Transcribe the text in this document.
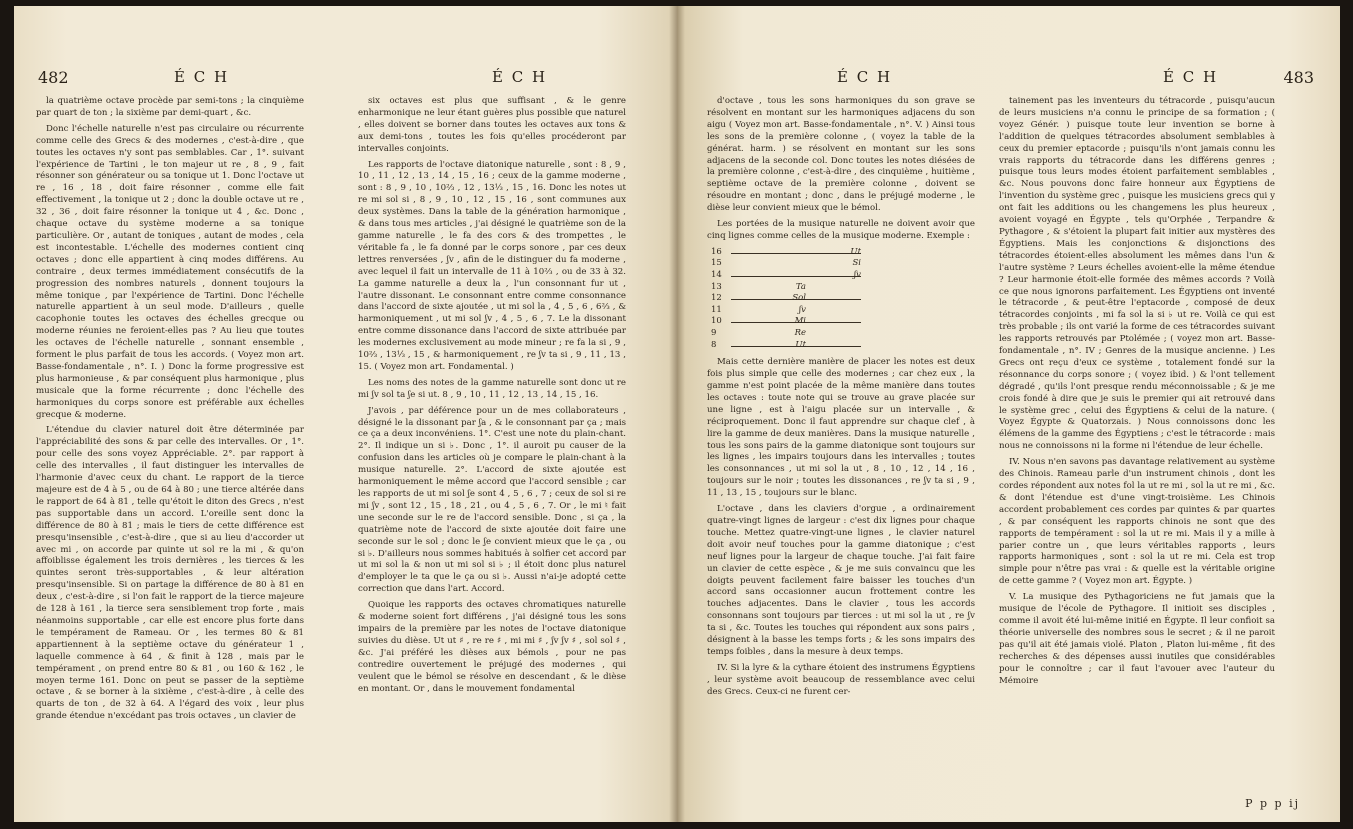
482	É C H	É C H

la quatrième octave procède par semi-tons ; la cinquième par quart de ton ; la sixième par demi-quart , &c.

Donc l'échelle naturelle n'est pas circulaire ou récurrente comme celle des Grecs & des modernes , c'est-à-dire , que toutes les octaves n'y sont pas semblables. Car , 1°. suivant l'expérience de Tartini , le ton majeur ut re , 8 , 9 , fait résonner son générateur ou sa tonique ut 1. Donc l'octave ut re , 16 , 18 , doit faire résonner , comme elle fait effectivement , la tonique ut 2 ; donc la double octave ut re , 32 , 36 , doit faire résonner la tonique ut 4 , &c. Donc , chaque octave du système moderne a sa tonique particulière. Or , autant de toniques , autant de modes , cela est incontestable. L'échelle des modernes contient cinq octaves ; donc elle appartient à cinq modes différens. Au contraire , deux termes immédiatement consécutifs de la progression des nombres naturels , donnent toujours la même tonique , par l'expérience de Tartini. Donc l'échelle naturelle appartient à un seul mode. D'ailleurs , quelle cacophonie toutes les octaves des échelles grecque ou moderne réunies ne feroient-elles pas ? Au lieu que toutes les octaves de l'échelle naturelle , sonnant ensemble , forment le plus parfait de tous les accords. ( Voyez mon art. Basse-fondamentale , n°. I. ) Donc la forme progressive est plus harmonieuse , & par conséquent plus harmonique , plus musicale que la forme récurrente ; donc l'échelle des harmoniques du corps sonore est préférable aux échelles grecque & moderne.

L'étendue du clavier naturel doit être déterminée par l'appréciabilité des sons & par celle des intervalles. Or , 1°. pour celle des sons voyez Appréciable. 2°. par rapport à celle des intervalles , il faut distinguer les intervalles de l'harmonie d'avec ceux du chant. Le rapport de la tierce majeure est de 4 à 5 , ou de 64 à 80 ; une tierce altérée dans le rapport de 64 à 81 , telle qu'étoit le diton des Grecs , n'est pas supportable dans un accord. L'oreille sent donc la différence de 80 à 81 ; mais le tiers de cette différence est presqu'insensible , c'est-à-dire , que si au lieu d'accorder ut avec mi , on accorde par quinte ut sol re la mi , & qu'on affoiblisse également les trois dernières , les tierces & les quintes seront très-supportables , & leur altération presqu'insensible. Si on partage la différence de 80 à 81 en deux , c'est-à-dire , si l'on fait le rapport de la tierce majeure de 128 à 161 , la tierce sera sensiblement trop forte , mais néanmoins supportable , car elle est encore plus forte dans le tempérament de Rameau. Or , les termes 80 & 81 appartiennent à la septième octave du générateur 1 , laquelle commence à 64 , & finit à 128 , mais par le tempérament , on prend entre 80 & 81 , ou 160 & 162 , le moyen terme 161. Donc on peut se passer de la septième octave , & se borner à la sixième , c'est-à-dire , à celle des quarts de ton , de 32 à 64. A l'égard des voix , leur plus grande étendue n'excédant pas trois octaves , un clavier de

six octaves est plus que suffisant , & le genre enharmonique ne leur étant guères plus possible que naturel , elles doivent se borner dans toutes les octaves aux tons & aux demi-tons , toutes les fois qu'elles procéderont par intervalles conjoints.

Les rapports de l'octave diatonique naturelle , sont : 8 , 9 , 10 , 11 , 12 , 13 , 14 , 15 , 16 ; ceux de la gamme moderne , sont : 8 , 9 , 10 , 10⅔ , 12 , 13⅓ , 15 , 16. Donc les notes ut re mi sol si , 8 , 9 , 10 , 12 , 15 , 16 , sont communes aux deux systèmes. Dans la table de la génération harmonique , & dans tous mes articles , j'ai désigné le quatrième son de la gamme naturelle , le fa des cors & des trompettes , le véritable fa , le fa donné par le corps sonore , par ces deux lettres renversées , ʃv , afin de le distinguer du fa moderne , avec lequel il fait un intervalle de 11 à 10⅔ , ou de 33 à 32. La gamme naturelle a deux la , l'un consonnant fur ut , l'autre dissonant. Le consonnant entre comme consonnance dans l'accord de sixte ajoutée , ut mi sol la , 4 , 5 , 6 , 6⅔ , & harmoniquement , ut mi sol ʃv , 4 , 5 , 6 , 7. Le la dissonant entre comme dissonance dans l'accord de sixte attribuée par les modernes exclusivement au mode mineur ; re fa la si , 9 , 10⅔ , 13⅓ , 15 , & harmoniquement , re ʃv ta si , 9 , 11 , 13 , 15. ( Voyez mon art. Fondamental. )

Les noms des notes de la gamme naturelle sont donc ut re mi ʃv sol ta ʃe si ut. 8 , 9 , 10 , 11 , 12 , 13 , 14 , 15 , 16.

J'avois , par déférence pour un de mes collaborateurs , désigné le la dissonant par ʃa , & le consonnant par ça ; mais ce ça a deux inconvéniens. 1°. C'est une note du plain-chant. 2°. Il indique un si ♭. Donc , 1°. il auroit pu causer de la confusion dans les articles où je compare le plain-chant à la musique naturelle. 2°. L'accord de sixte ajoutée est harmoniquement le même accord que l'accord sensible ; car les rapports de ut mi sol ʃe sont 4 , 5 , 6 , 7 ; ceux de sol si re mi ʃv , sont 12 , 15 , 18 , 21 , ou 4 , 5 , 6 , 7. Or , le mi ♮ fait une seconde sur le re de l'accord sensible. Donc , si ça , la quatrième note de l'accord de sixte ajoutée doit faire une seconde sur le sol ; donc le ʃe convient mieux que le ça , ou si ♭. D'ailleurs nous sommes habitués à solfier cet accord par ut mi sol la & non ut mi sol si ♭ ; il étoit donc plus naturel d'employer le ta que le ça ou si ♭. Aussi n'ai-je adopté cette correction que dans l'art. Accord.

Quoique les rapports des octaves chromatiques naturelle & moderne soient fort différens , j'ai désigné tous les sons impairs de la première par les notes de l'octave diatonique suivies du dièse. Ut ut ♯ , re re ♯ , mi mi ♯ , ʃv ʃv ♯ , sol sol ♯ , &c. J'ai préféré les dièses aux bémols , pour ne pas contredire ouvertement le préjugé des modernes , qui veulent que le bémol se résolve en descendant , & le dièse en montant. Or , dans le mouvement fondamental

É C H	É C H	483

d'octave , tous les sons harmoniques du son grave se résolvent en montant sur les harmoniques adjacens du son aigu ( Voyez mon art. Basse-fondamentale , n°. V. ) Ainsi tous les sons de la première colonne , ( voyez la table de la générat. harm. ) se résolvent en montant sur les sons adjacens de la seconde col. Donc toutes les notes diésées de la première colonne , c'est-à-dire , des cinquième , huitième , septième octave de la première colonne , doivent se résoudre en montant ; donc , dans le préjugé moderne , le dièse leur convient mieux que le bémol.

Les portées de la musique naturelle ne doivent avoir que cinq lignes comme celles de la musique moderne. Exemple :

16	Ut
15	Si
14	ʃv
13	Ta
12	Sol
11	ʃv
10	Mi
9	Re
8	Ut

Mais cette dernière manière de placer les notes est deux fois plus simple que celle des modernes ; car chez eux , la gamme n'est point placée de la même manière dans toutes les octaves : toute note qui se trouve au grave placée sur une ligne , est à l'aigu placée sur un intervalle , & réciproquement. Donc il faut apprendre sur chaque clef , à lire la gamme de deux manières. Dans la musique naturelle , tous les sons pairs de la gamme diatonique sont toujours sur les lignes , les impairs toujours dans les intervalles ; toutes les consonnances , ut mi sol la ut , 8 , 10 , 12 , 14 , 16 , toujours sur le noir ; toutes les dissonances , re ʃv ta si , 9 , 11 , 13 , 15 , toujours sur le blanc.

L'octave , dans les claviers d'orgue , a ordinairement quatre-vingt lignes de largeur : c'est dix lignes pour chaque touche. Mettez quatre-vingt-une lignes , le clavier naturel doit avoir neuf touches pour la gamme diatonique ; c'est neuf lignes pour la largeur de chaque touche. J'ai fait faire un clavier de cette espèce , & je me suis convaincu que les doigts peuvent facilement faire baisser les touches d'un accord sans occasionner aucun frottement contre les touches adjacentes. Dans le clavier , tous les accords consonnans sont toujours par tierces : ut mi sol la ut , re ʃv ta si , &c. Toutes les touches qui répondent aux sons pairs , désignent à la basse les temps forts ; & les sons impairs des temps foibles , dans la mesure à deux temps.

IV. Si la lyre & la cythare étoient des instrumens Égyptiens , leur système avoit beaucoup de ressemblance avec celui des Grecs. Ceux-ci ne furent cer-

tainement pas les inventeurs du tétracorde , puisqu'aucun de leurs musiciens n'a connu le principe de sa formation ; ( voyez Génér. ) puisque toute leur invention se borne à l'addition de quelques tétracordes absolument semblables à ceux du premier eptacorde ; puisqu'ils n'ont jamais connu les vrais rapports du tétracorde dans les différens genres ; puisque tous leurs modes étoient parfaitement semblables , &c. Nous pouvons donc faire honneur aux Égyptiens de l'invention du système grec , puisque les musiciens grecs qui y ont fait les additions ou les changemens les plus heureux , avoient voyagé en Égypte , tels qu'Orphée , Terpandre & Pythagore , & s'étoient la plupart fait initier aux mystères des Égyptiens. Mais les conjonctions & disjonctions des tétracordes étoient-elles absolument les mêmes dans l'un & l'autre système ? Leurs échelles avoient-elle la même étendue ? Leur harmonie étoit-elle formée des mêmes accords ? Voilà ce que nous ignorons parfaitement. Les Égyptiens ont inventé le tétracorde , & peut-être l'eptacorde , composé de deux tétracordes conjoints , mi fa sol la si ♭ ut re. Voilà ce qui est très probable ; ils ont varié la forme de ces tétracordes suivant les rapports retrouvés par Ptolémée ; ( voyez mon art. Basse-fondamentale , n°. IV ; Genres de la musique ancienne. ) Les Grecs ont reçu d'eux ce système , totalement fondé sur la résonnance du corps sonore ; ( voyez ibid. ) & l'ont tellement dégradé , qu'ils l'ont presque rendu méconnoissable ; & je me crois fondé à dire que je suis le premier qui ait retrouvé dans le système grec , celui des Égyptiens & celui de la nature. ( Voyez Égypte & Quatorzais. ) Nous connoissons donc les élémens de la gamme des Égyptiens ; c'est le tétracorde : mais nous ne connoissons ni la forme ni l'étendue de leur échelle.

IV. Nous n'en savons pas davantage relativement au système des Chinois. Rameau parle d'un instrument chinois , dont les cordes répondent aux notes fol la ut re mi , sol la ut re mi , &c. & dont l'étendue est d'une vingt-troisième. Les Chinois accordent probablement ces cordes par quintes & par quartes , & par conséquent les rapports chinois ne sont que des rapports de tempérament : sol la ut re mi. Mais il y a mille à parier contre un , que leurs véritables rapports , leurs rapports harmoniques , sont : sol la ut re mi. Cela est trop simple pour n'être pas vrai : & quelle est la véritable origine de cette gamme ? ( Voyez mon art. Égypte. )

V. La musique des Pythagoriciens ne fut jamais que la musique de l'école de Pythagore. Il initioit ses disciples , comme il avoit été lui-même initié en Égypte. Il leur confioit sa théorie universelle des nombres sous le secret ; & il ne paroit pas qu'il ait été jamais violé. Platon , Platon lui-même , fit des recherches & des dépenses aussi inutiles que considérables pour le connoître ; car il faut l'avouer avec l'auteur du Mémoire

P p p ij
